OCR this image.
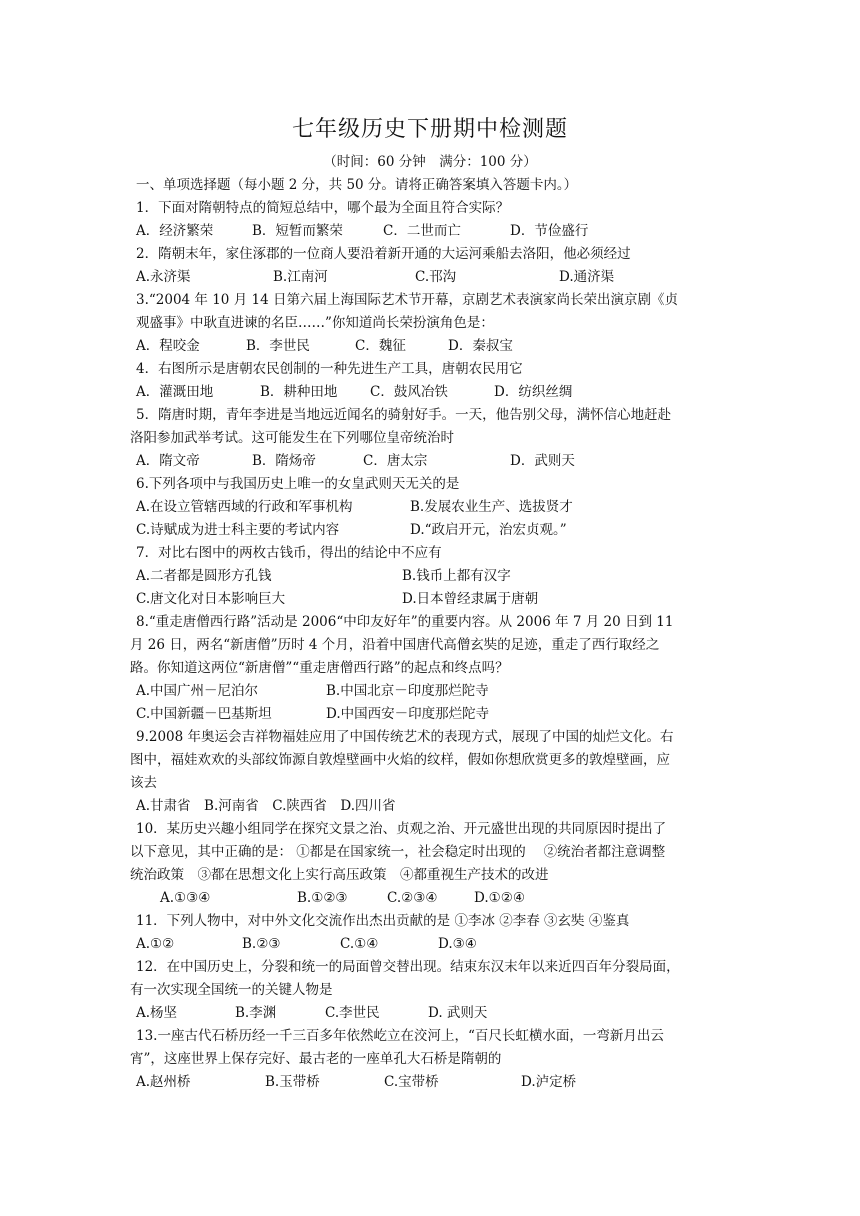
七年级历史下册期中检测题
（时间：60 分钟　满分：100 分）
一、单项选择题（每小题 2 分，共 50 分。请将正确答案填入答题卡内。）
1．下面对隋朝特点的简短总结中，哪个最为全面且符合实际？
A．经济繁荣	B．短暂而繁荣	C．二世而亡	D．节俭盛行
2．隋朝末年，家住涿郡的一位商人要沿着新开通的大运河乘船去洛阳，他必须经过
A.永济渠	B.江南河	C.邗沟	D.通济渠
3.“2004 年 10 月 14 日第六届上海国际艺术节开幕，京剧艺术表演家尚长荣出演京剧《贞
观盛事》中耿直进谏的名臣……”你知道尚长荣扮演角色是：
A．程咬金	B．李世民	C．魏征	D．秦叔宝
4．右图所示是唐朝农民创制的一种先进生产工具，唐朝农民用它
A．灌溉田地	B．耕种田地 C．鼓风冶铁	D．纺织丝绸
5．隋唐时期，青年李进是当地远近闻名的骑射好手。一天，他告别父母，满怀信心地赶赴
洛阳参加武举考试。这可能发生在下列哪位皇帝统治时
A．隋文帝	B．隋炀帝	C．唐太宗	D．武则天
6.下列各项中与我国历史上唯一的女皇武则天无关的是
A.在设立管辖西域的行政和军事机构	B.发展农业生产、选拔贤才
C.诗赋成为进士科主要的考试内容	D.“政启开元，治宏贞观。”
7．对比右图中的两枚古钱币，得出的结论中不应有
A.二者都是圆形方孔钱	B.钱币上都有汉字
C.唐文化对日本影响巨大	D.日本曾经隶属于唐朝
8.“重走唐僧西行路”活动是 2006“中印友好年”的重要内容。从 2006 年 7 月 20 日到 11
月 26 日，两名“新唐僧”历时 4 个月，沿着中国唐代高僧玄奘的足迹，重走了西行取经之
路。你知道这两位“新唐僧”“重走唐僧西行路”的起点和终点吗？
A.中国广州－尼泊尔	B.中国北京－印度那烂陀寺
C.中国新疆－巴基斯坦	D.中国西安－印度那烂陀寺
9.2008 年奥运会吉祥物福娃应用了中国传统艺术的表现方式，展现了中国的灿烂文化。右
图中，福娃欢欢的头部纹饰源自敦煌壁画中火焰的纹样，假如你想欣赏更多的敦煌壁画，应
该去
A.甘肃省　B.河南省　C.陕西省　D.四川省
10．某历史兴趣小组同学在探究文景之治、贞观之治、开元盛世出现的共同原因时提出了
以下意见，其中正确的是： ①都是在国家统一，社会稳定时出现的　 ②统治者都注意调整
统治政策　③都在思想文化上实行高压政策　④都重视生产技术的改进
A.①③④	B.①②③	C.②③④	D.①②④
11．下列人物中，对中外文化交流作出杰出贡献的是 ①李冰 ②李春 ③玄奘 ④鉴真
A.①②	B.②③	C.①④	D.③④
12．在中国历史上，分裂和统一的局面曾交替出现。结束东汉末年以来近四百年分裂局面，
有一次实现全国统一的关键人物是
A.杨坚	B.李渊	C.李世民	D. 武则天
13.一座古代石桥历经一千三百多年依然屹立在洨河上，“百尺长虹横水面，一弯新月出云
宵”，这座世界上保存完好、最古老的一座单孔大石桥是隋朝的
A.赵州桥	B.玉带桥	C.宝带桥	D.泸定桥
